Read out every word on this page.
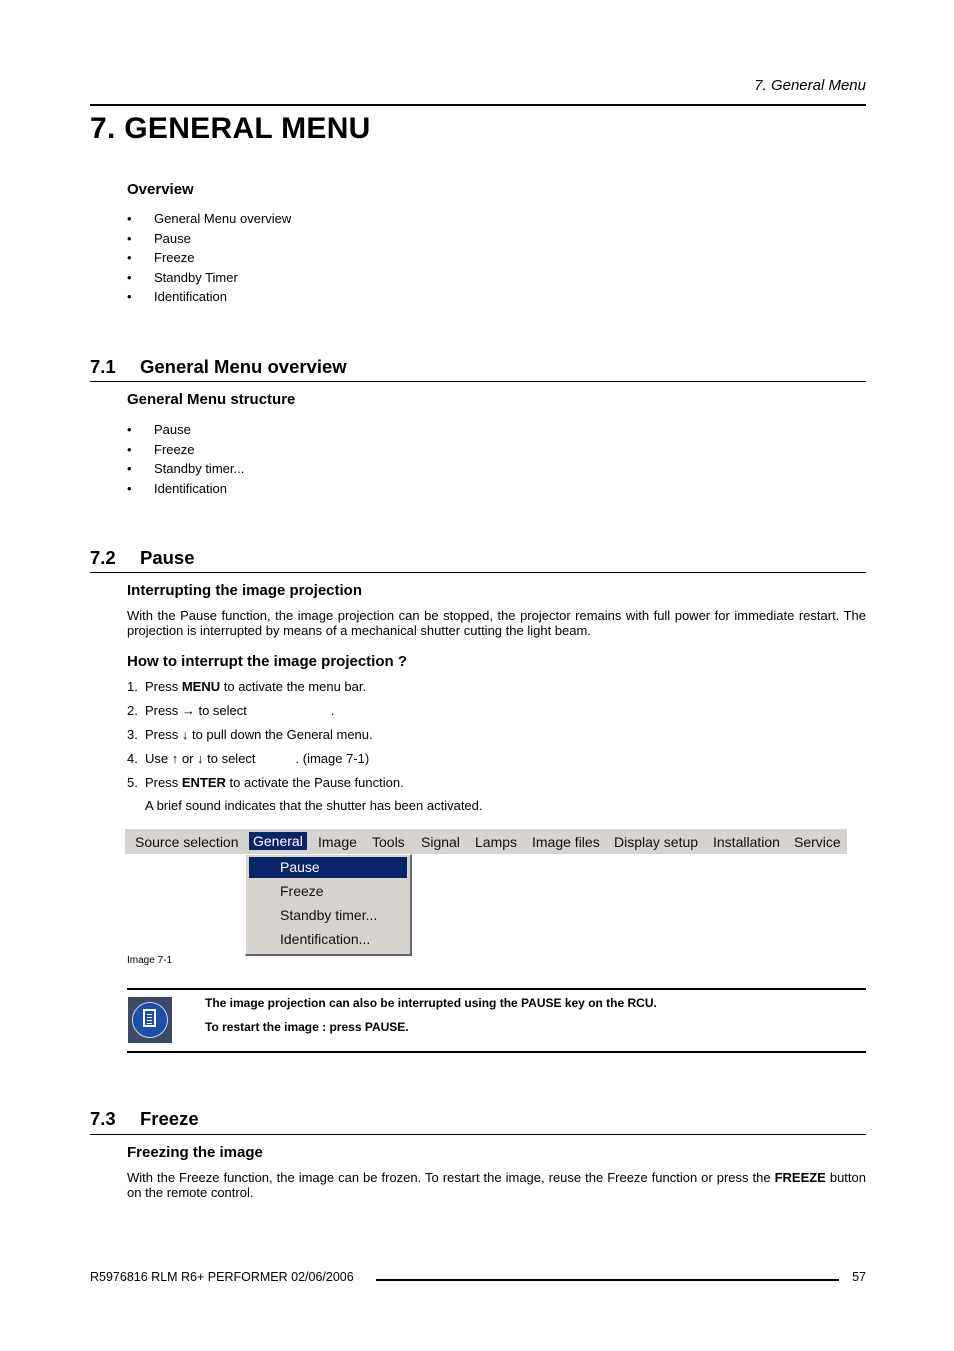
7. General Menu
7. GENERAL MENU
Overview
• General Menu overview
• Pause
• Freeze
• Standby Timer
• Identification
7.1 General Menu overview
General Menu structure
• Pause
• Freeze
• Standby timer...
• Identification
7.2 Pause
Interrupting the image projection
With the Pause function, the image projection can be stopped, the projector remains with full power for immediate restart. The projection is interrupted by means of a mechanical shutter cutting the light beam.
How to interrupt the image projection ?
1. Press MENU to activate the menu bar.
2. Press → to select	.
3. Press ↓ to pull down the General menu.
4. Use ↑ or ↓ to select	. (image 7-1)
5. Press ENTER to activate the Pause function.
A brief sound indicates that the shutter has been activated.
Source selection General Image Tools Signal Lamps Image files Display setup Installation Service
Pause
Freeze
Standby timer...
Identification...
Image 7-1
The image projection can also be interrupted using the PAUSE key on the RCU.
To restart the image : press PAUSE.
7.3 Freeze
Freezing the image
With the Freeze function, the image can be frozen. To restart the image, reuse the Freeze function or press the FREEZE button on the remote control.
R5976816 RLM R6+ PERFORMER 02/06/2006	57
